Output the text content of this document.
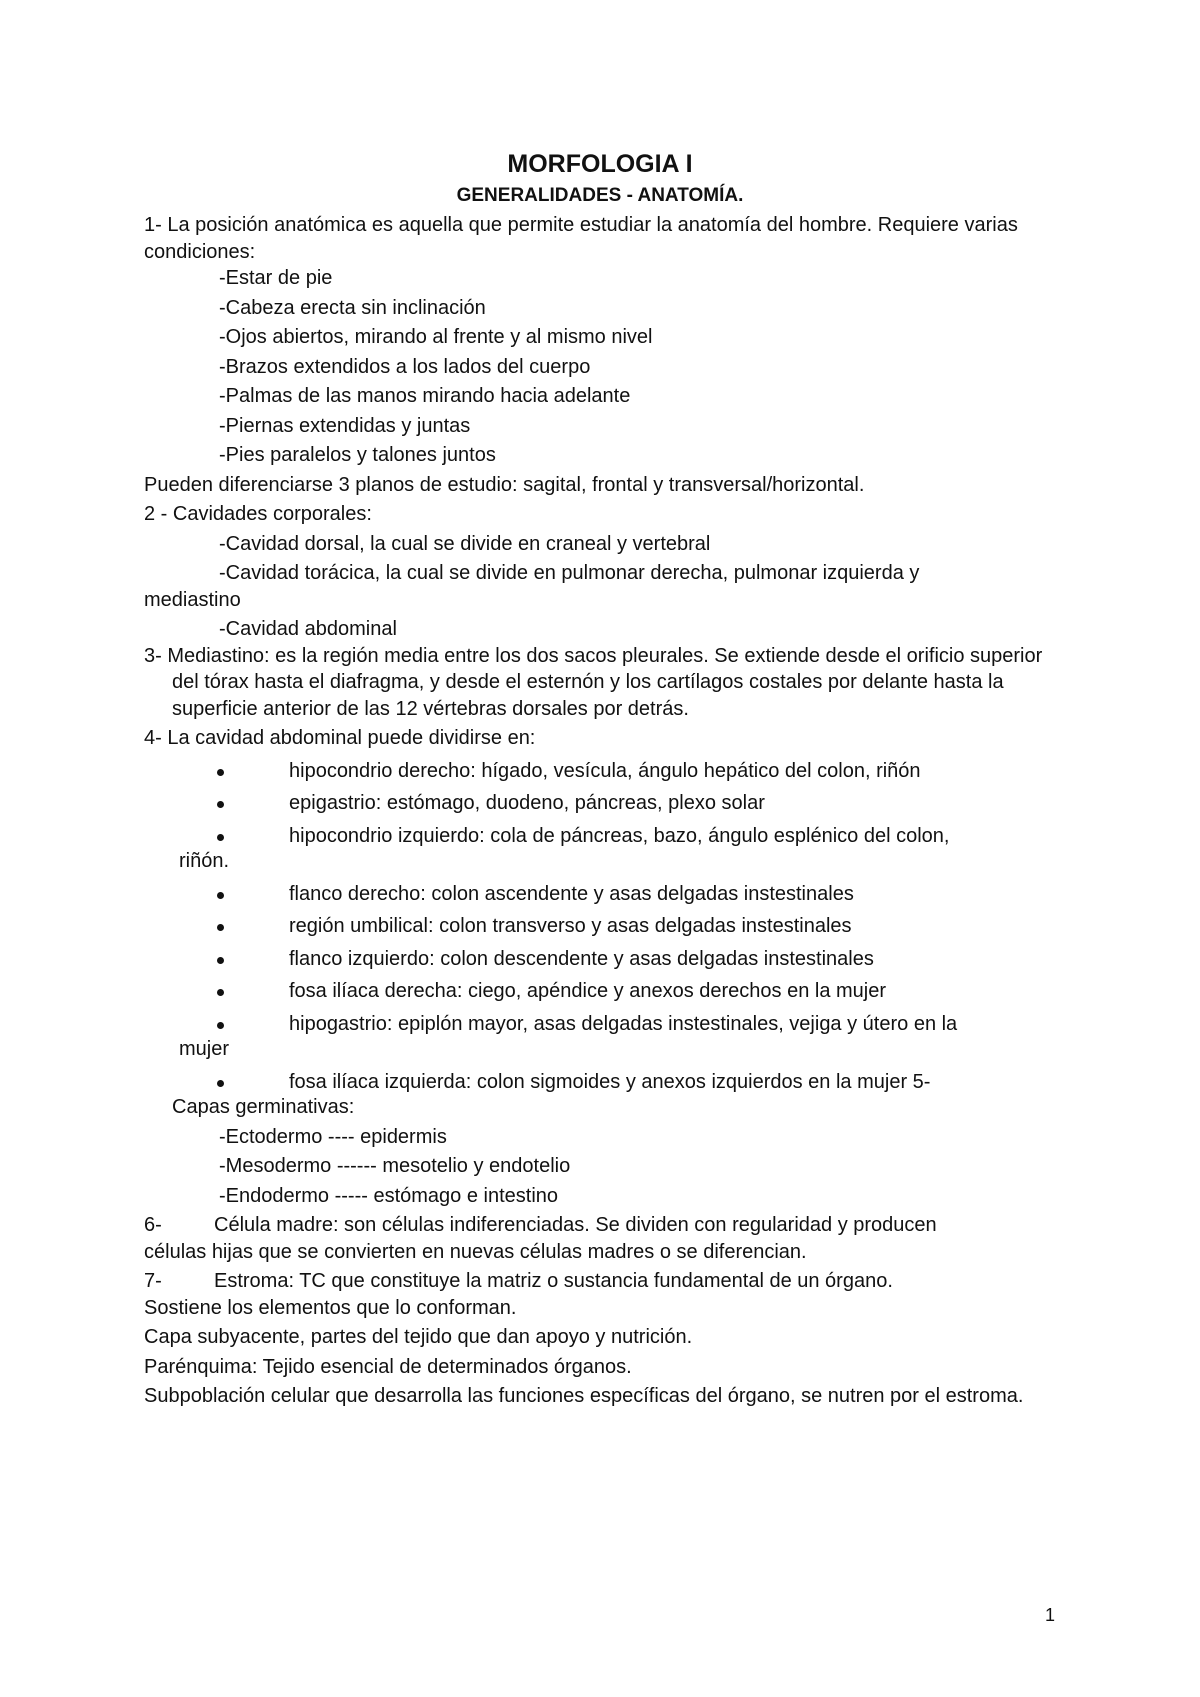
MORFOLOGIA I

GENERALIDADES - ANATOMÍA.

1- La posición anatómica es aquella que permite estudiar la anatomía del hombre. Requiere varias condiciones:

-Estar de pie

-Cabeza erecta sin inclinación

-Ojos abiertos, mirando al frente y al mismo nivel

-Brazos extendidos a los lados del cuerpo

-Palmas de las manos mirando hacia adelante

-Piernas extendidas y juntas

-Pies paralelos y talones juntos

Pueden diferenciarse 3 planos de estudio: sagital, frontal y transversal/horizontal.

2 - Cavidades corporales:

-Cavidad dorsal, la cual se divide en craneal y vertebral

-Cavidad torácica, la cual se divide en pulmonar derecha, pulmonar izquierda y

mediastino

-Cavidad abdominal

3- Mediastino: es la región media entre los dos sacos pleurales. Se extiende desde el orificio superior del tórax hasta el diafragma, y desde el esternón y los cartílagos costales por delante hasta la superficie anterior de las 12 vértebras dorsales por detrás.

4- La cavidad abdominal puede dividirse en:

hipocondrio derecho: hígado, vesícula, ángulo hepático del colon, riñón

epigastrio: estómago, duodeno, páncreas, plexo solar

hipocondrio izquierdo: cola de páncreas, bazo, ángulo esplénico del colon,
riñón.

flanco derecho: colon ascendente y asas delgadas instestinales

región umbilical: colon transverso y asas delgadas instestinales

flanco izquierdo: colon descendente y asas delgadas instestinales

fosa ilíaca derecha: ciego, apéndice y anexos derechos en la mujer

hipogastrio: epiplón mayor, asas delgadas instestinales, vejiga y útero en la
mujer

fosa ilíaca izquierda: colon sigmoides y anexos izquierdos en la mujer 5-
Capas germinativas:

-Ectodermo ---- epidermis

-Mesodermo ------ mesotelio y endotelio

-Endodermo ----- estómago e intestino

6-	Célula madre: son células indiferenciadas. Se dividen con regularidad y producen

células hijas que se convierten en nuevas células madres o se diferencian.

7-	Estroma: TC que constituye la matriz o sustancia fundamental de un órgano.

Sostiene los elementos que lo conforman.

Capa subyacente, partes del tejido que dan apoyo y nutrición.

Parénquima: Tejido esencial de determinados órganos.

Subpoblación celular que desarrolla las funciones específicas del órgano, se nutren por el estroma.

1
